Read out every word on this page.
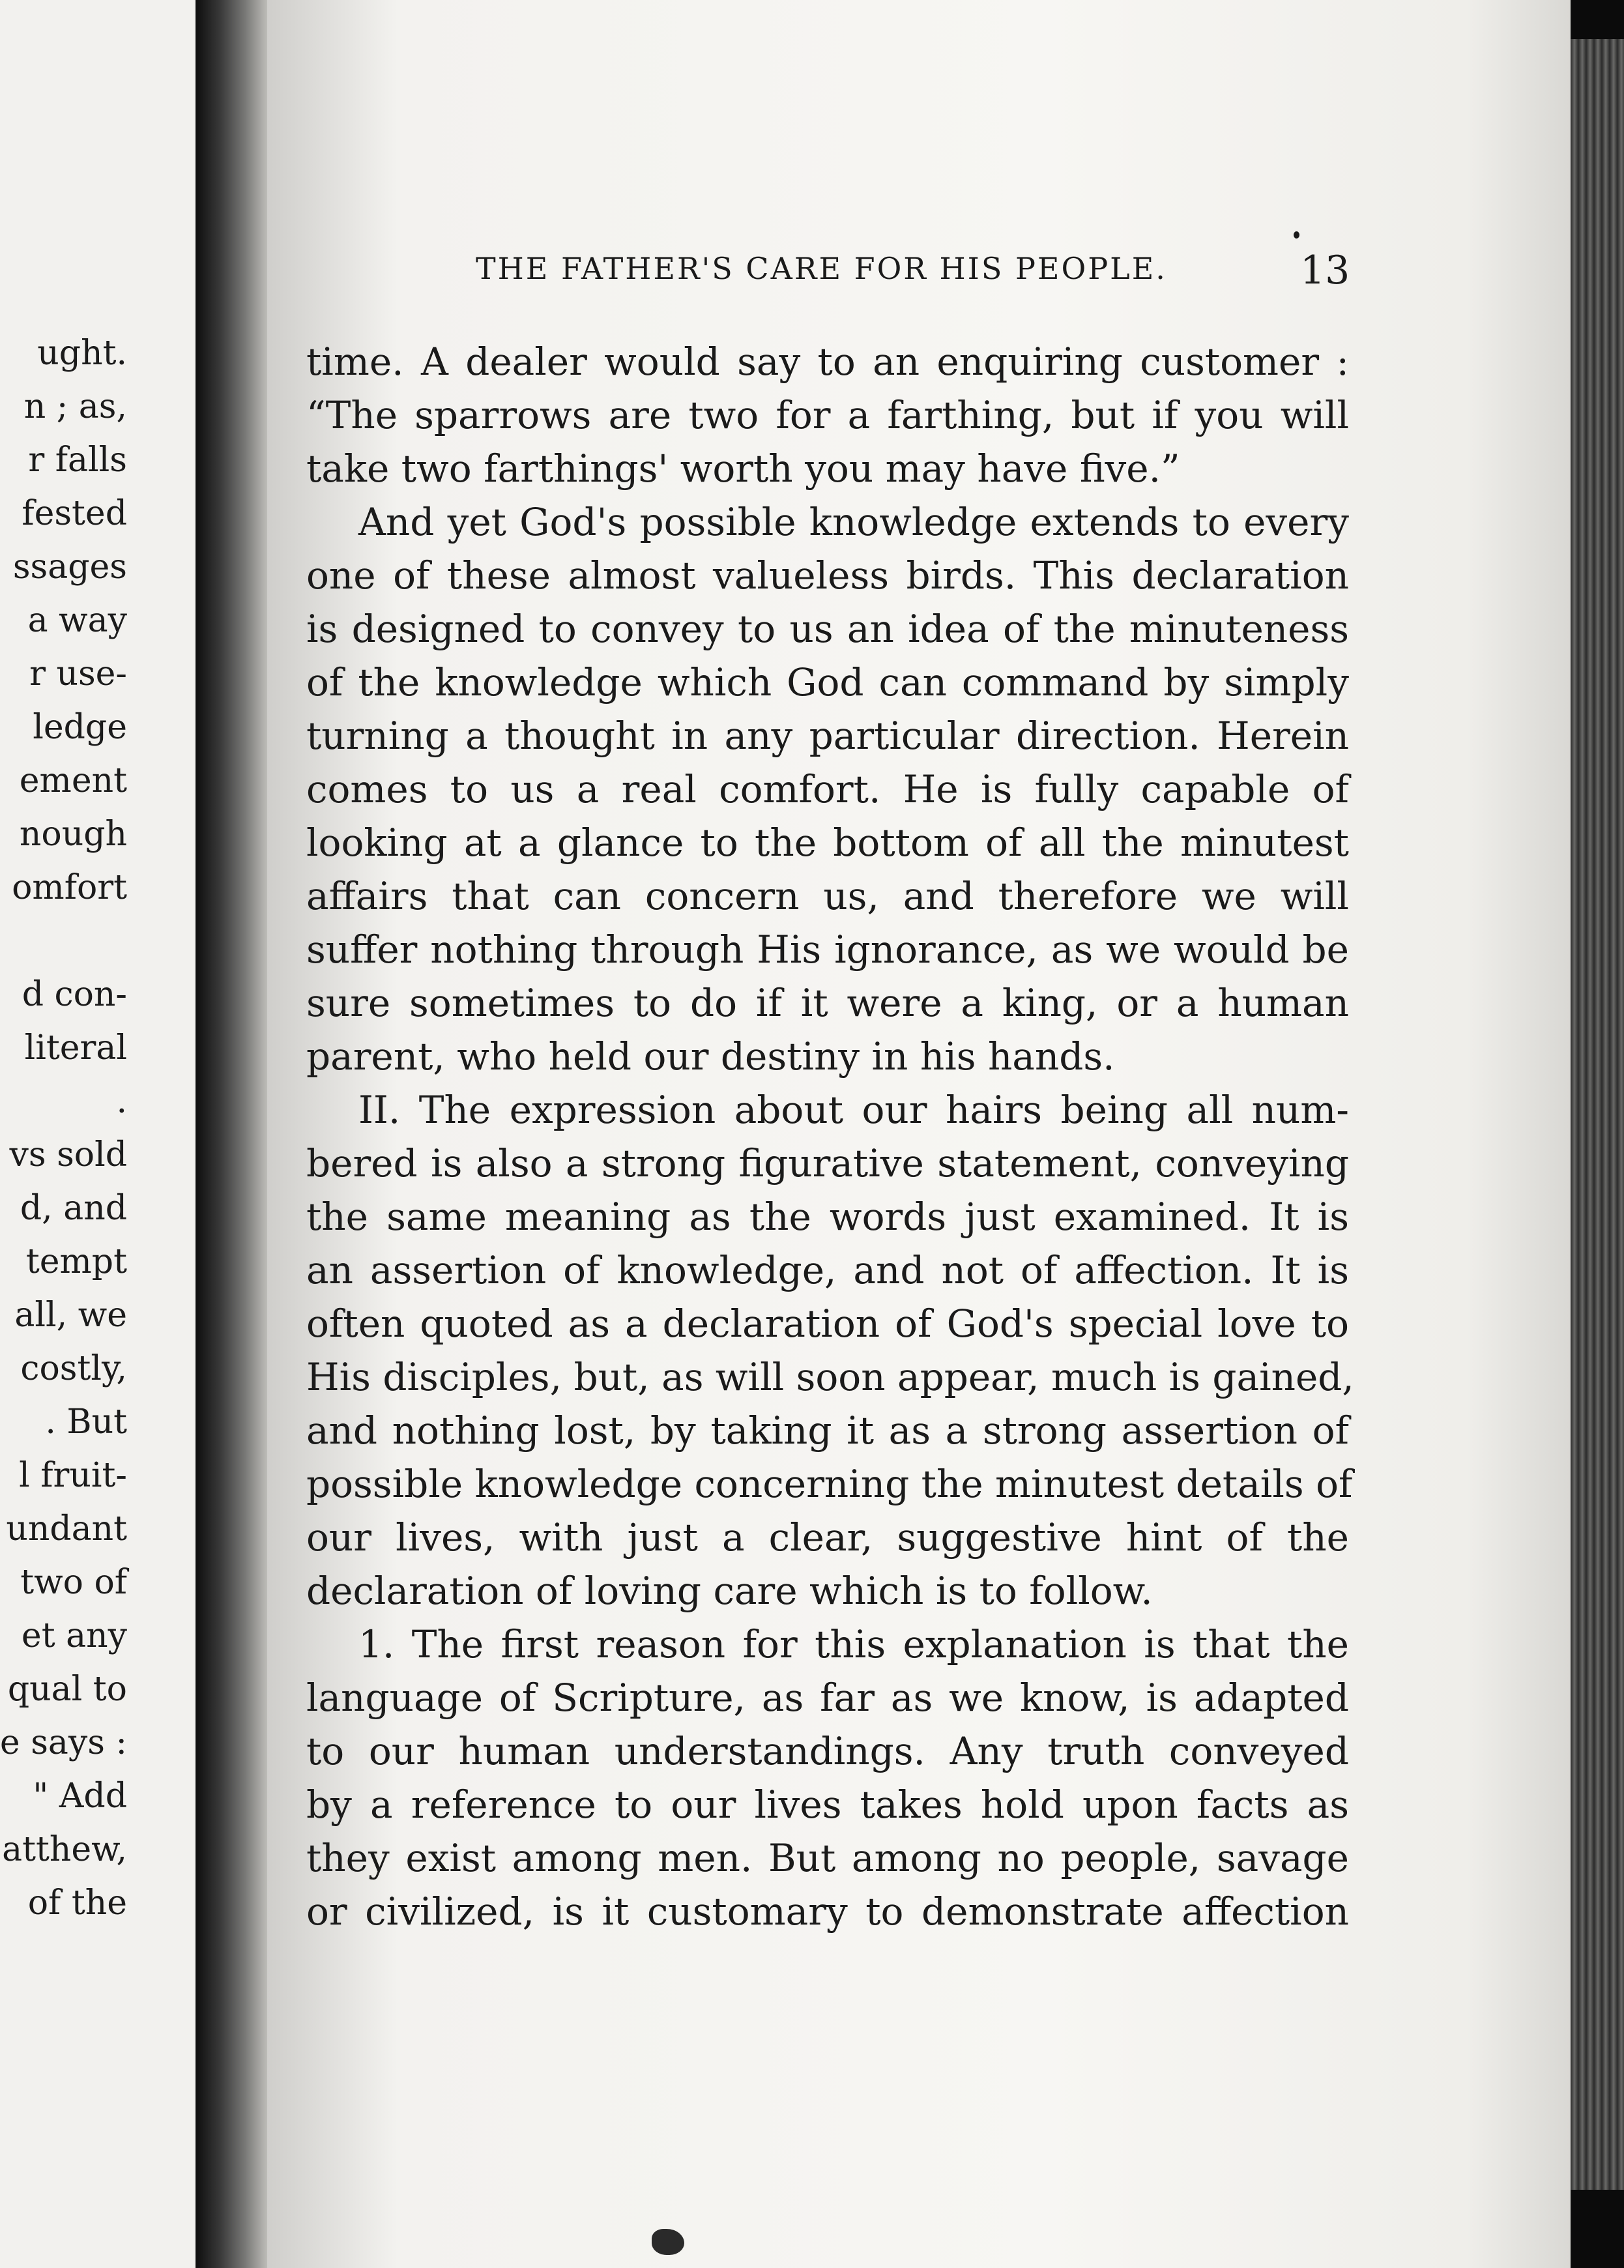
ught.
n ; as,
r falls
fested
ssages
a way
r use-
ledge
ement
nough
omfort
d con-
literal
.
vs sold
d, and
tempt
all, we
costly,
. But
l fruit-
undant
two of
et any
qual to
e says :
" Add
atthew,
of the
THE FATHER'S CARE FOR HIS PEOPLE.	13
time. A dealer would say to an enquiring customer :
“The sparrows are two for a farthing, but if you will
take two farthings' worth you may have five.”
And yet God's possible knowledge extends to every
one of these almost valueless birds. This declaration
is designed to convey to us an idea of the minuteness
of the knowledge which God can command by simply
turning a thought in any particular direction. Herein
comes to us a real comfort. He is fully capable of
looking at a glance to the bottom of all the minutest
affairs that can concern us, and therefore we will
suffer nothing through His ignorance, as we would be
sure sometimes to do if it were a king, or a human
parent, who held our destiny in his hands.
II. The expression about our hairs being all num-
bered is also a strong figurative statement, conveying
the same meaning as the words just examined. It is
an assertion of knowledge, and not of affection. It is
often quoted as a declaration of God's special love to
His disciples, but, as will soon appear, much is gained,
and nothing lost, by taking it as a strong assertion of
possible knowledge concerning the minutest details of
our lives, with just a clear, suggestive hint of the
declaration of loving care which is to follow.
1. The first reason for this explanation is that the
language of Scripture, as far as we know, is adapted
to our human understandings. Any truth conveyed
by a reference to our lives takes hold upon facts as
they exist among men. But among no people, savage
or civilized, is it customary to demonstrate affection
